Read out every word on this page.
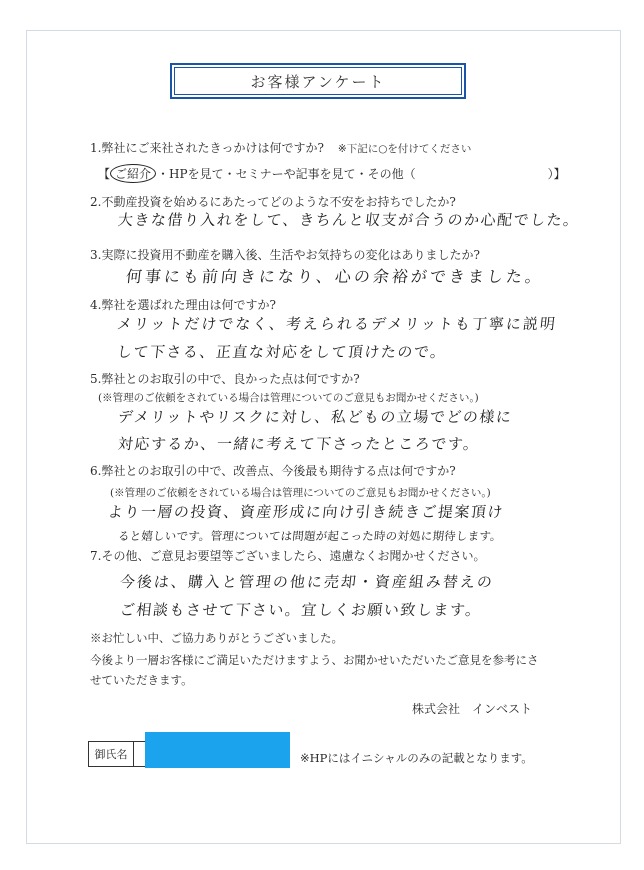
お客様アンケート
1.弊社にご来社されたきっかけは何ですか? ※下記に○を付けてください
【 ご紹介 ・HPを見て・セミナーや記事を見て・その他（　　　　　　　　　　　）】
2.不動産投資を始めるにあたってどのような不安をお持ちでしたか?
大きな借り入れをして、きちんと収支が合うのか心配でした。
3.実際に投資用不動産を購入後、生活やお気持ちの変化はありましたか?
何事にも前向きになり、心の余裕ができました。
4.弊社を選ばれた理由は何ですか?
メリットだけでなく、考えられるデメリットも丁寧に説明
して下さる、正直な対応をして頂けたので。
5.弊社とのお取引の中で、良かった点は何ですか?
(※管理のご依頼をされている場合は管理についてのご意見もお聞かせください。)
デメリットやリスクに対し、私どもの立場でどの様に
対応するか、一緒に考えて下さったところです。
6.弊社とのお取引の中で、改善点、今後最も期待する点は何ですか?
(※管理のご依頼をされている場合は管理についてのご意見もお聞かせください。)
より一層の投資、資産形成に向け引き続きご提案頂け
ると嬉しいです。管理については問題が起こった時の対処に期待します。
7.その他、ご意見お要望等ございましたら、遠慮なくお聞かせください。
今後は、購入と管理の他に売却・資産組み替えの
ご相談もさせて下さい。宜しくお願い致します。
※お忙しい中、ご協力ありがとうございました。
今後より一層お客様にご満足いただけますよう、お聞かせいただいたご意見を参考にさ
せていただきます。
株式会社　インベスト
御氏名	※HPにはイニシャルのみの記載となります。
